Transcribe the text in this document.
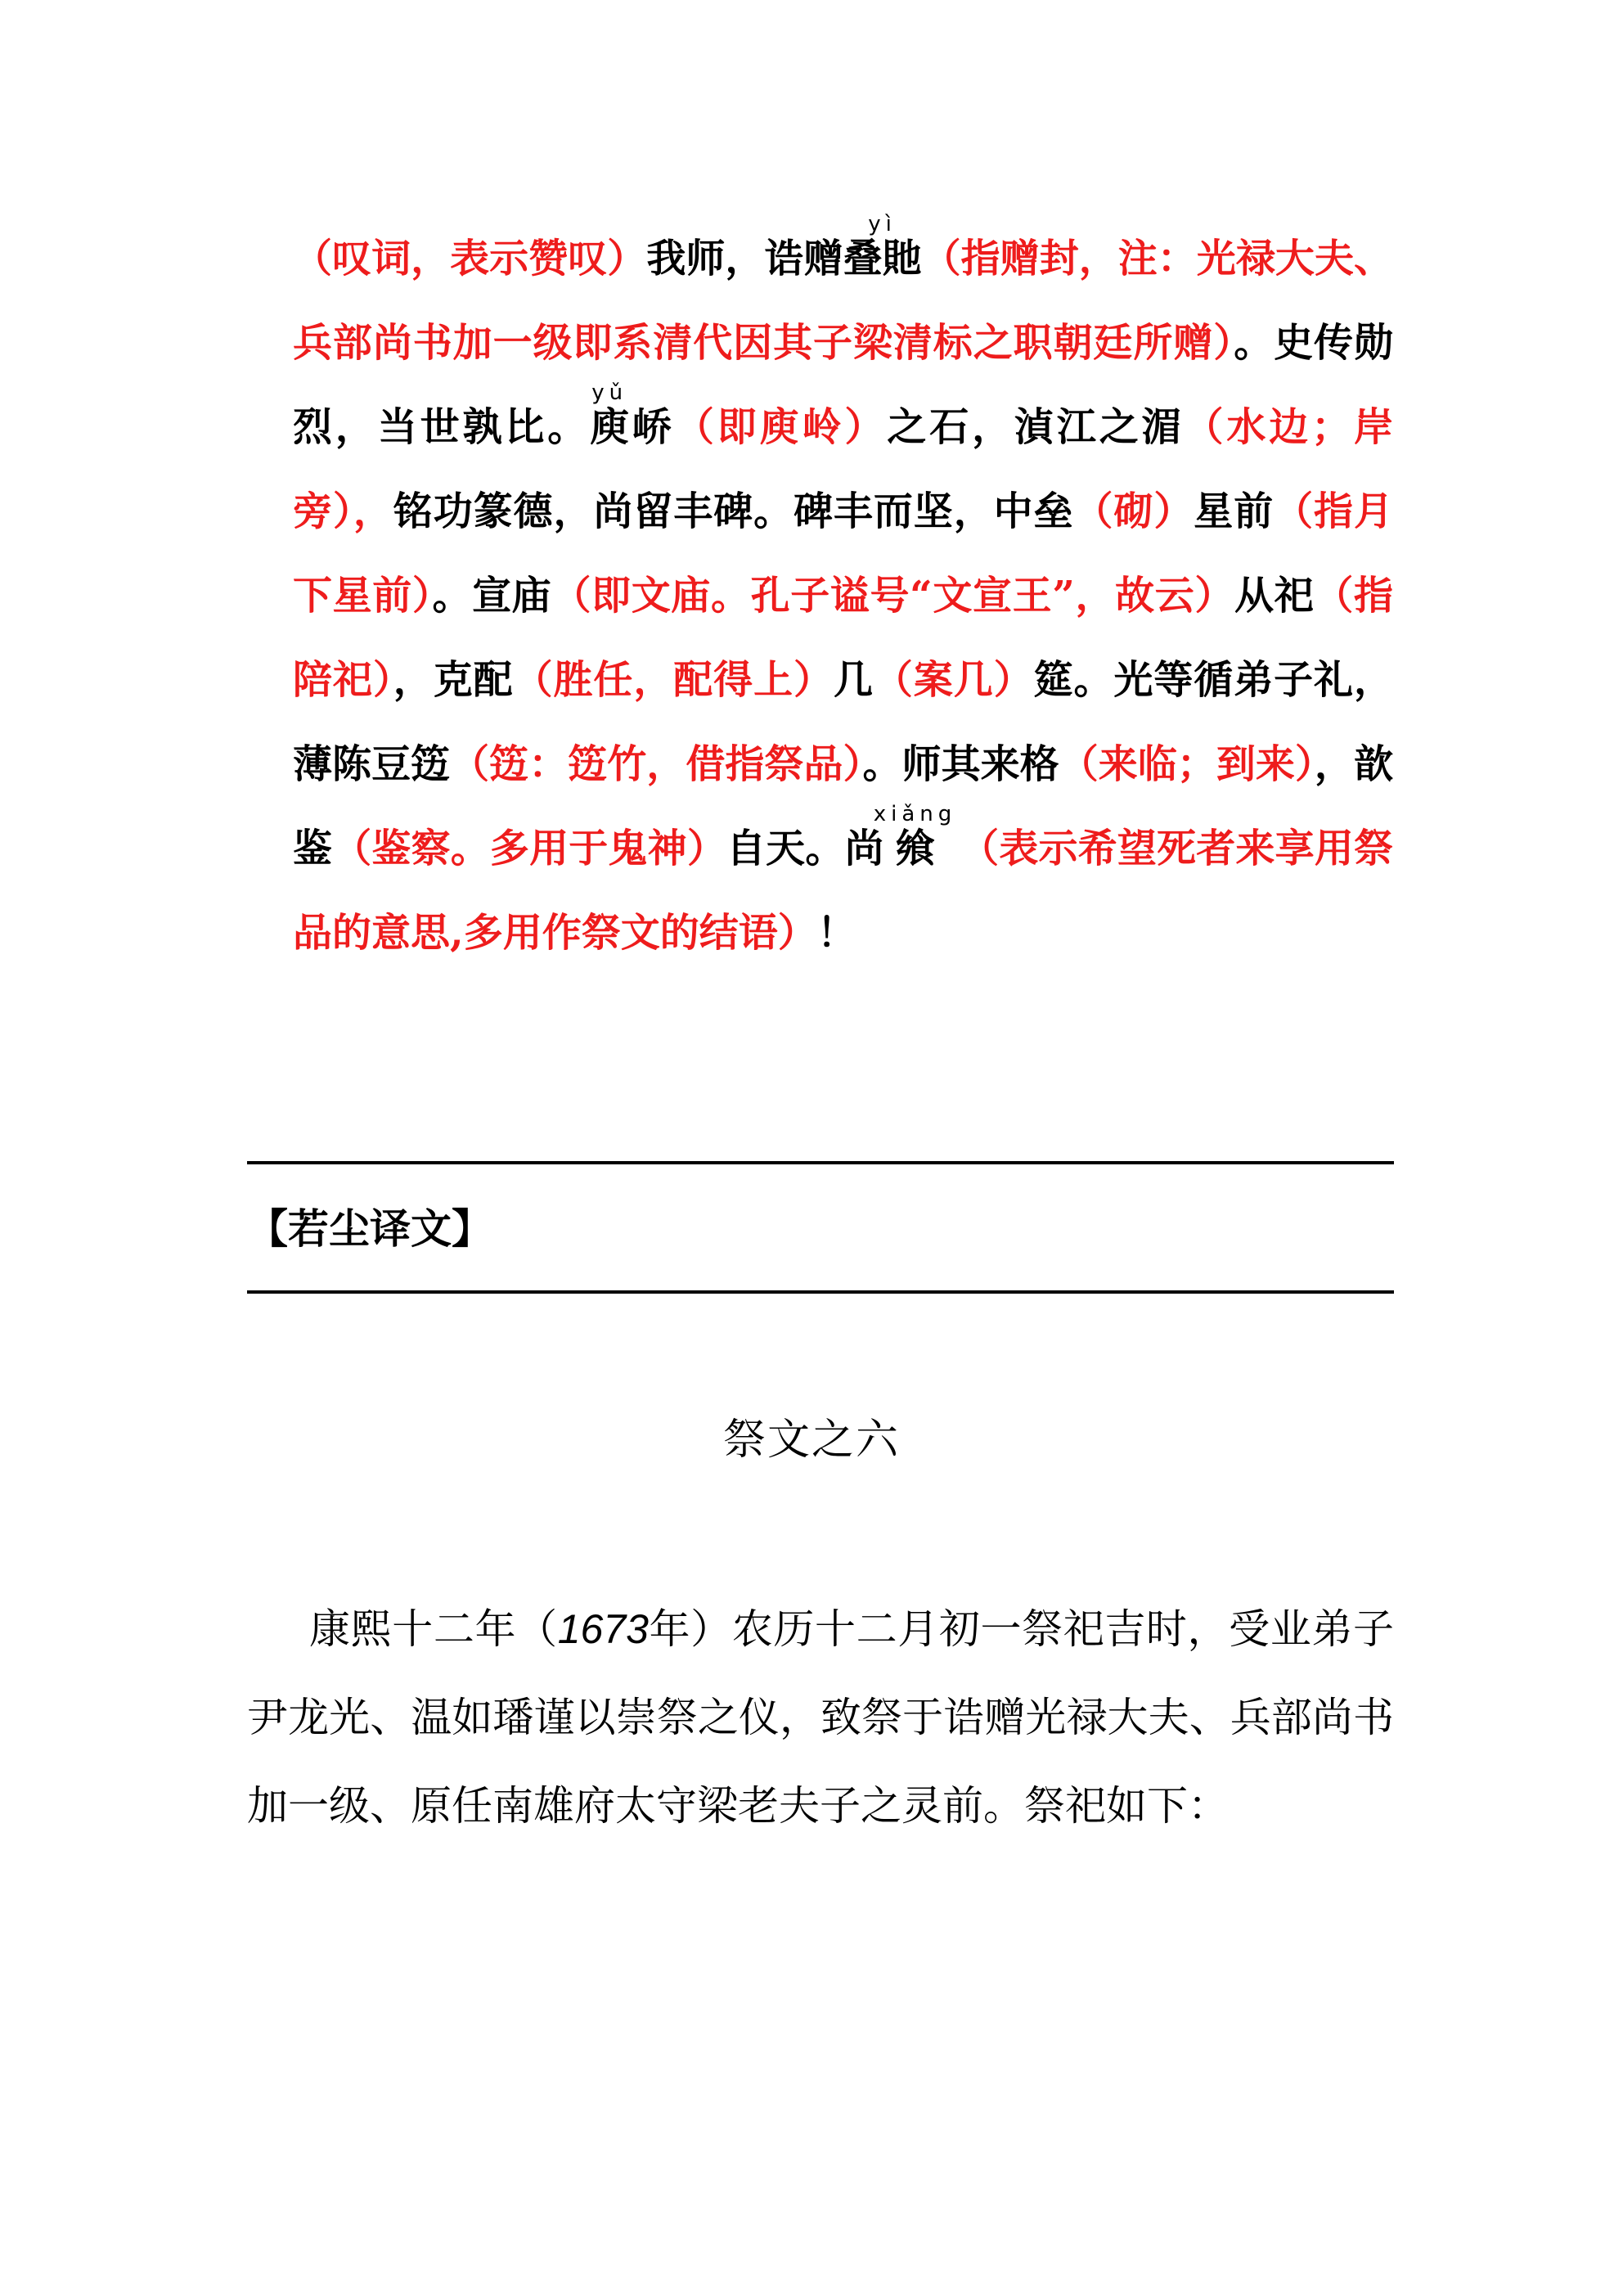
（叹词，表示赞叹）我师，诰赠叠貤yì（指赠封，注：光禄大夫、兵部尚书加一级即系清代因其子梁清标之职朝廷所赠）。史传勋烈，当世孰比。庾yǔ峤（即庾岭）之石，湞江之湄（水边；岸旁），铭功篆德，尚留丰碑。碑丰而坚，中垒（砌）星前（指月下星前）。宣庙（即文庙。孔子谥号“文宣王”，故云）从祀（指陪祀），克配（胜任，配得上）几（案几）筵。光等循弟子礼，薄陈豆笾（笾：笾竹，借指祭品）。师其来格（来临；到来），歆鉴（鉴察。多用于鬼神）自天。尚飨xiǎng （表示希望死者来享用祭品的意思,多用作祭文的结语）！
【若尘译文】
祭文之六
康熙十二年（1673年）农历十二月初一祭祀吉时，受业弟子尹龙光、温如璠谨以崇祭之仪，致祭于诰赠光禄大夫、兵部尚书加一级、原任南雄府太守梁老夫子之灵前。祭祀如下：
